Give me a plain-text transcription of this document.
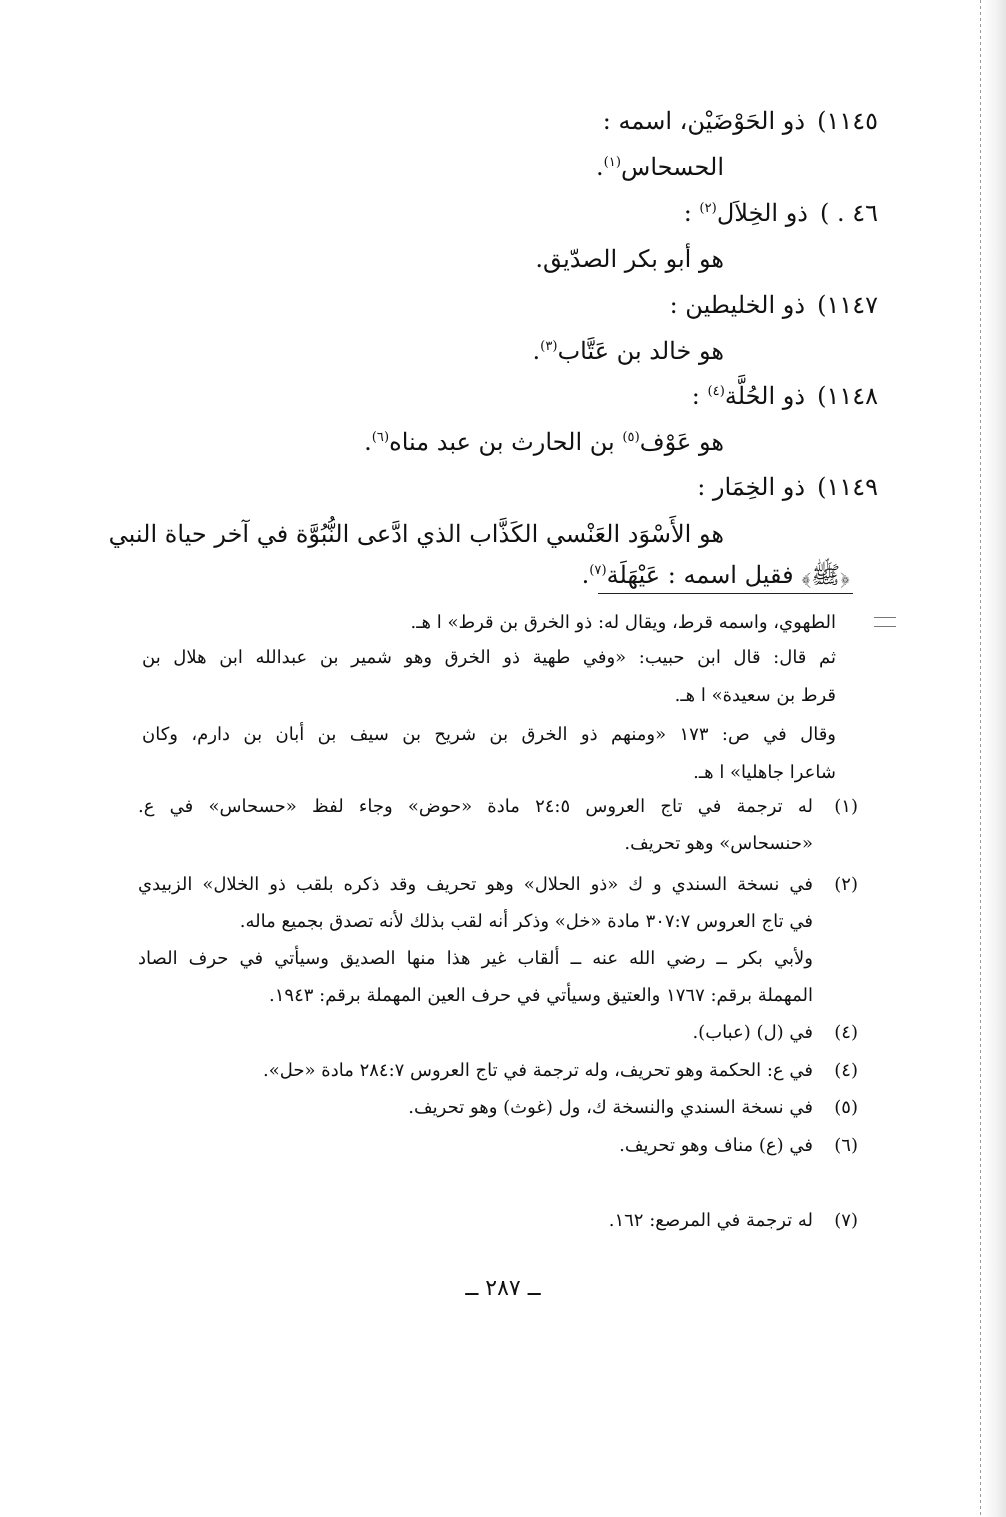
١١٤٥)ذو الحَوْضَيْن، اسمه :
الحسحاس$^{(١)}$.
٤٦ . )ذو الخِلاَل$^{(٢)}$ :
هو أبو بكر الصدّيق.
١١٤٧)ذو الخليطين :
هو خالد بن عَتَّاب$^{(٣)}$.
١١٤٨)ذو الحُلَّة$^{(٤)}$ :
هو عَوْف$^{(٥)}$ بن الحارث بن عبد مناه$^{(٦)}$.
١١٤٩)ذو الخِمَار :
هو الأَسْوَد العَنْسي الكَذَّاب الذي ادَّعى النُّبُوَّة في آخر حياة النبي
﴿ﷺ﴾ فقيل اسمه : عَيْهَلَة$^{(٧)}$.
الطهوي، واسمه قرط، ويقال له: ذو الخرق بن قرط» ا هـ.
ثم قال: قال ابن حبيب: «وفي طهية ذو الخرق وهو شمير بن عبدالله ابن هلال بن
قرط بن سعيدة» ا هـ.
وقال في ص: ١٧٣ «ومنهم ذو الخرق بن شريح بن سيف بن أبان بن دارم، وكان
شاعرا جاهليا» ا هـ.
(١)
له ترجمة في تاج العروس ٢٤:٥ مادة «حوض» وجاء لفظ «حسحاس» في ع.
«حنسحاس» وهو تحريف.
(٢)
في نسخة السندي و ك «ذو الحلال» وهو تحريف وقد ذكره بلقب ذو الخلال» الزبيدي
في تاج العروس ٣٠٧:٧ مادة «خل» وذكر أنه لقب بذلك لأنه تصدق بجميع ماله.
ولأبي بكر ــ رضي الله عنه ــ ألقاب غير هذا منها الصديق وسيأتي في حرف الصاد
المهملة برقم: ١٧٦٧ والعتيق وسيأتي في حرف العين المهملة برقم: ١٩٤٣.
(٤)
في (ل) (عباب).
(٤)
في ع: الحكمة وهو تحريف، وله ترجمة في تاج العروس ٢٨٤:٧ مادة «حل».
(٥)
في نسخة السندي والنسخة ك، ول (غوث) وهو تحريف.
(٦)
في (ع) مناف وهو تحريف.
(٧)
له ترجمة في المرصع: ١٦٢.
ــ ٢٨٧ ــ
